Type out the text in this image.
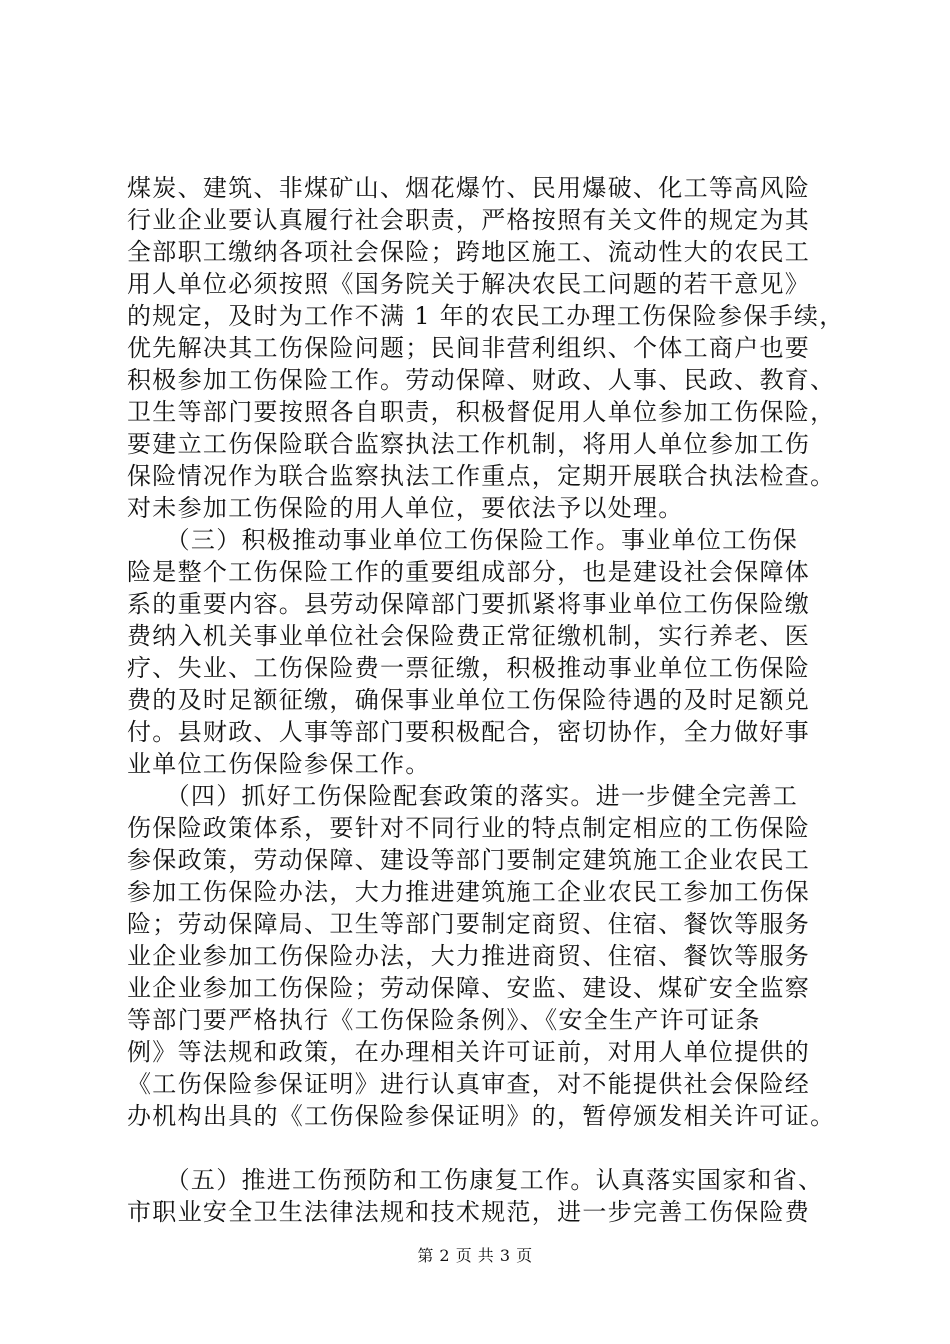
煤炭、建筑、非煤矿山、烟花爆竹、民用爆破、化工等高风险
行业企业要认真履行社会职责，严格按照有关文件的规定为其
全部职工缴纳各项社会保险；跨地区施工、流动性大的农民工
用人单位必须按照《国务院关于解决农民工问题的若干意见》
的规定，及时为工作不满 1 年的农民工办理工伤保险参保手续，
优先解决其工伤保险问题；民间非营利组织、个体工商户也要
积极参加工伤保险工作。劳动保障、财政、人事、民政、教育、
卫生等部门要按照各自职责，积极督促用人单位参加工伤保险，
要建立工伤保险联合监察执法工作机制，将用人单位参加工伤
保险情况作为联合监察执法工作重点，定期开展联合执法检查。
对未参加工伤保险的用人单位，要依法予以处理。
　　（三）积极推动事业单位工伤保险工作。事业单位工伤保
险是整个工伤保险工作的重要组成部分，也是建设社会保障体
系的重要内容。县劳动保障部门要抓紧将事业单位工伤保险缴
费纳入机关事业单位社会保险费正常征缴机制，实行养老、医
疗、失业、工伤保险费一票征缴，积极推动事业单位工伤保险
费的及时足额征缴，确保事业单位工伤保险待遇的及时足额兑
付。县财政、人事等部门要积极配合，密切协作，全力做好事
业单位工伤保险参保工作。
　　（四）抓好工伤保险配套政策的落实。进一步健全完善工
伤保险政策体系，要针对不同行业的特点制定相应的工伤保险
参保政策，劳动保障、建设等部门要制定建筑施工企业农民工
参加工伤保险办法，大力推进建筑施工企业农民工参加工伤保
险；劳动保障局、卫生等部门要制定商贸、住宿、餐饮等服务
业企业参加工伤保险办法，大力推进商贸、住宿、餐饮等服务
业企业参加工伤保险；劳动保障、安监、建设、煤矿安全监察
等部门要严格执行《工伤保险条例》、《安全生产许可证条
例》等法规和政策，在办理相关许可证前，对用人单位提供的
《工伤保险参保证明》进行认真审查，对不能提供社会保险经
办机构出具的《工伤保险参保证明》的，暂停颁发相关许可证。
　　（五）推进工伤预防和工伤康复工作。认真落实国家和省、
市职业安全卫生法律法规和技术规范，进一步完善工伤保险费
第 2 页 共 3 页
